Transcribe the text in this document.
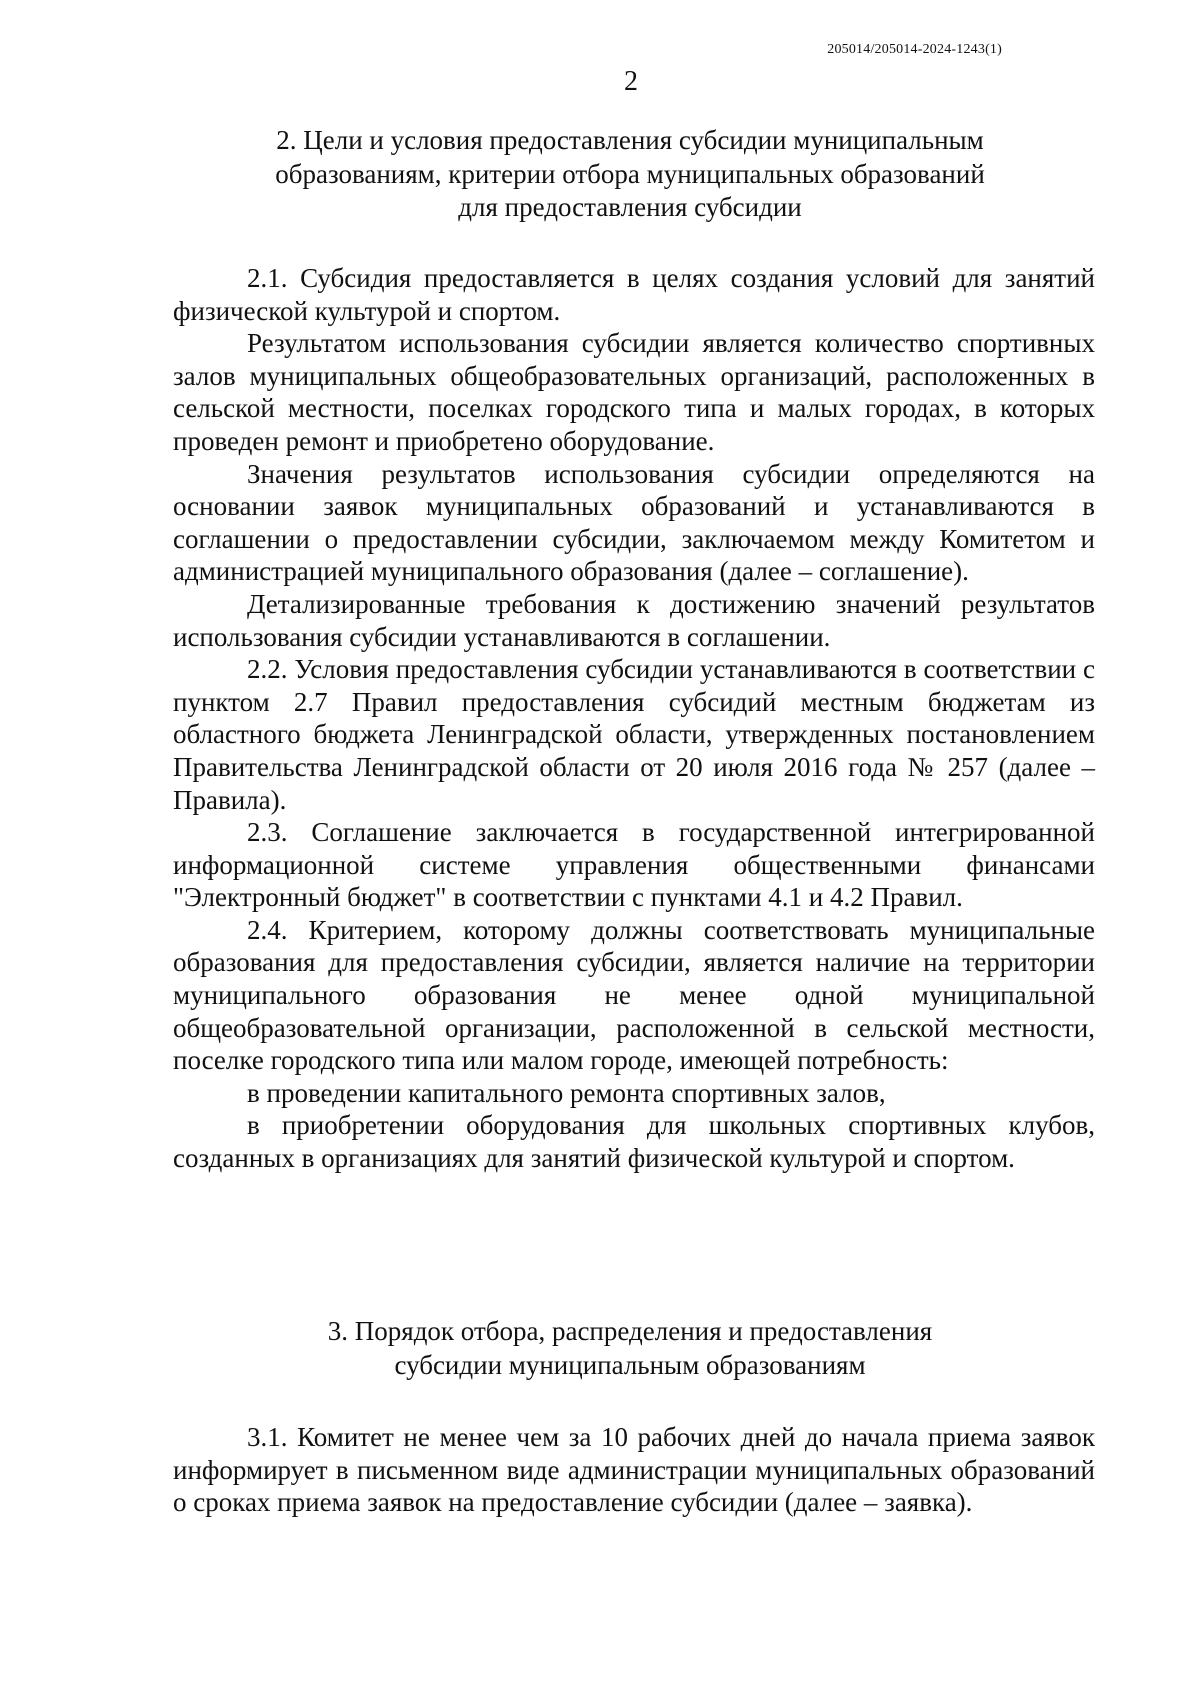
205014/205014-2024-1243(1)
2
2. Цели и условия предоставления субсидии муниципальным
образованиям, критерии отбора муниципальных образований
для предоставления субсидии

2.1. Субсидия предоставляется в целях создания условий для занятий физической культурой и спортом.

Результатом использования субсидии является количество спортивных залов муниципальных общеобразовательных организаций, расположенных в сельской местности, поселках городского типа и малых городах, в которых проведен ремонт и приобретено оборудование.

Значения результатов использования субсидии определяются на основании заявок муниципальных образований и устанавливаются в соглашении о предоставлении субсидии, заключаемом между Комитетом и администрацией муниципального образования (далее – соглашение).

Детализированные требования к достижению значений результатов использования субсидии устанавливаются в соглашении.

2.2. Условия предоставления субсидии устанавливаются в соответствии с пунктом 2.7 Правил предоставления субсидий местным бюджетам из областного бюджета Ленинградской области, утвержденных постановлением Правительства Ленинградской области от 20 июля 2016 года № 257 (далее – Правила).

2.3. Соглашение заключается в государственной интегрированной информационной системе управления общественными финансами "Электронный бюджет" в соответствии с пунктами 4.1 и 4.2 Правил.

2.4. Критерием, которому должны соответствовать муниципальные образования для предоставления субсидии, является наличие на территории муниципального образования не менее одной муниципальной общеобразовательной организации, расположенной в сельской местности, поселке городского типа или малом городе, имеющей потребность:

в проведении капитального ремонта спортивных залов,

в приобретении оборудования для школьных спортивных клубов, созданных в организациях для занятий физической культурой и спортом.

3. Порядок отбора, распределения и предоставления
субсидии муниципальным образованиям

3.1. Комитет не менее чем за 10 рабочих дней до начала приема заявок информирует в письменном виде администрации муниципальных образований о сроках приема заявок на предоставление субсидии (далее – заявка).
